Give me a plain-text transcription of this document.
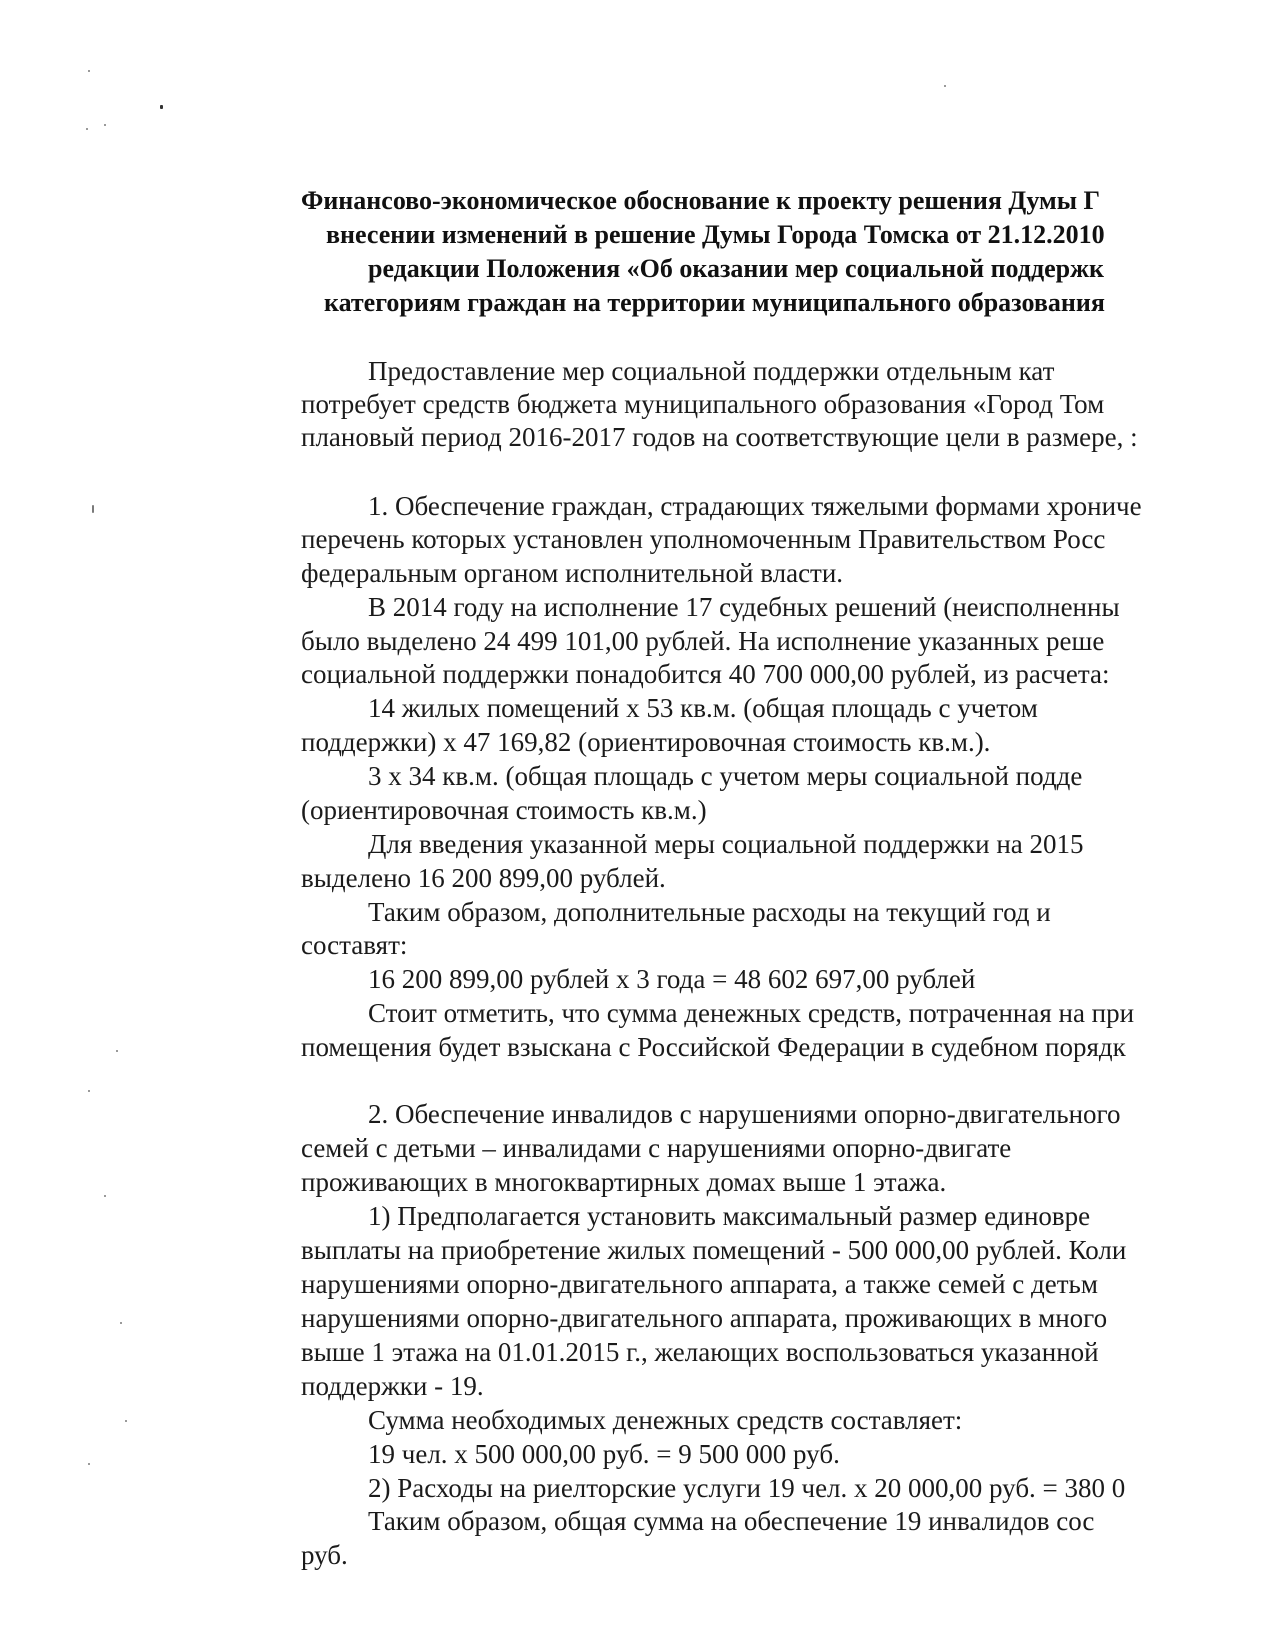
Финансово-экономическое обоснование к проекту решения Думы Г
внесении изменений в решение Думы Города Томска от 21.12.2010
редакции Положения «Об оказании мер социальной поддержк
категориям граждан на территории муниципального образования
Предоставление мер социальной поддержки отдельным кат
потребует средств бюджета муниципального образования «Город Том
плановый период 2016-2017 годов на соответствующие цели в размере, :
1. Обеспечение граждан, страдающих тяжелыми формами хрониче
перечень которых установлен уполномоченным Правительством Росс
федеральным органом исполнительной власти.
В 2014 году на исполнение 17 судебных решений (неисполненны
было выделено 24 499 101,00 рублей. На исполнение указанных реше
социальной поддержки понадобится 40 700 000,00 рублей, из расчета:
14 жилых помещений х 53 кв.м. (общая площадь с учетом
поддержки) х 47 169,82 (ориентировочная стоимость кв.м.).
3 х 34 кв.м. (общая площадь с учетом меры социальной подде
(ориентировочная стоимость кв.м.)
Для введения указанной меры социальной поддержки на 2015
выделено 16 200 899,00 рублей.
Таким образом, дополнительные расходы на текущий год и
составят:
16 200 899,00 рублей х 3 года = 48 602 697,00 рублей
Стоит отметить, что сумма денежных средств, потраченная на при
помещения будет взыскана с Российской Федерации в судебном порядк
2. Обеспечение инвалидов с нарушениями опорно-двигательного
семей с детьми – инвалидами с нарушениями опорно-двигате
проживающих в многоквартирных домах выше 1 этажа.
1) Предполагается установить максимальный размер единовре
выплаты на приобретение жилых помещений - 500 000,00 рублей. Коли
нарушениями опорно-двигательного аппарата, а также семей с детьм
нарушениями опорно-двигательного аппарата, проживающих в много
выше 1 этажа на 01.01.2015 г., желающих воспользоваться указанной
поддержки - 19.
Сумма необходимых денежных средств составляет:
19 чел. х 500 000,00 руб. = 9 500 000 руб.
2) Расходы на риелторские услуги 19 чел. х 20 000,00 руб. = 380 0
Таким образом, общая сумма на обеспечение 19 инвалидов сос
руб.
